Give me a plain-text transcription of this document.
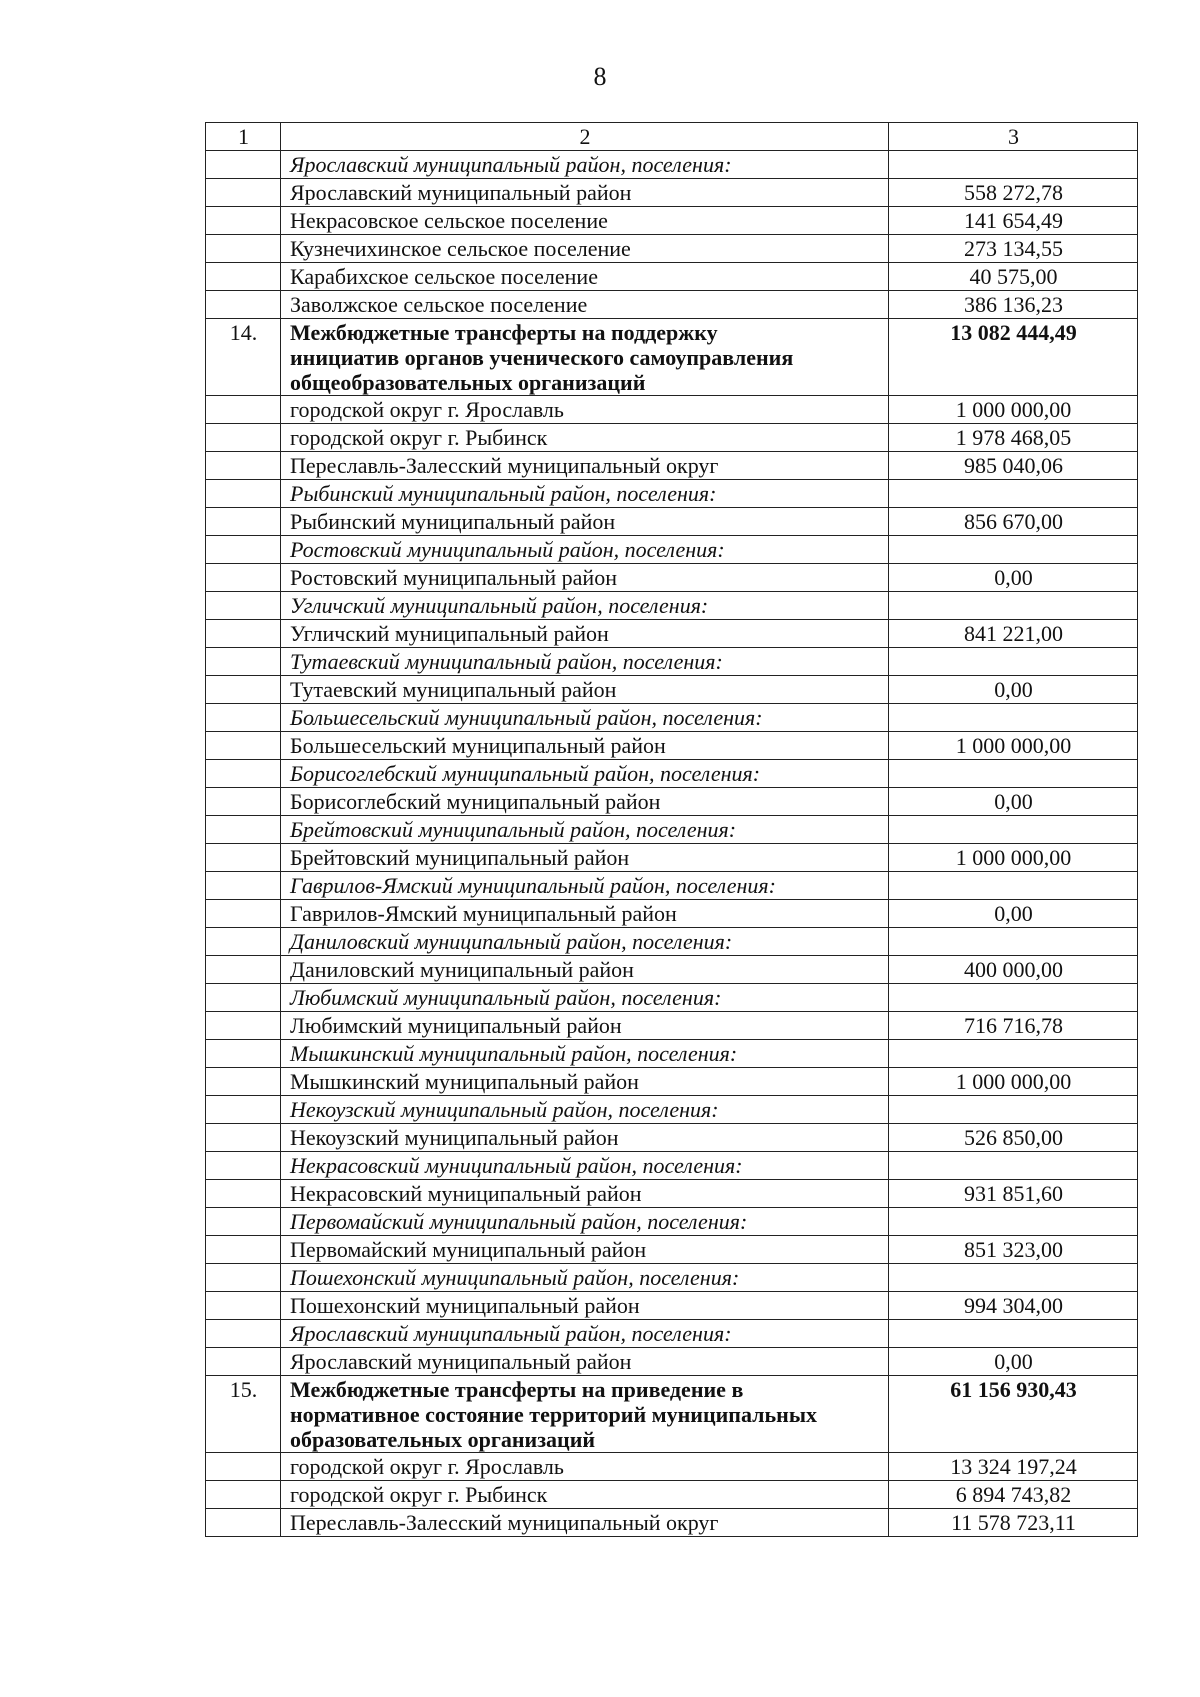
8
1	2	3
	Ярославский муниципальный район, поселения:	
	Ярославский муниципальный район	558 272,78
	Некрасовское сельское поселение	141 654,49
	Кузнечихинское сельское поселение	273 134,55
	Карабихское сельское поселение	40 575,00
	Заволжское сельское поселение	386 136,23
14.	Межбюджетные трансферты на поддержку
инициатив органов ученического самоуправления
общеобразовательных организаций	13 082 444,49
	городской округ г. Ярославль	1 000 000,00
	городской округ г. Рыбинск	1 978 468,05
	Переславль-Залесский муниципальный округ	985 040,06
	Рыбинский муниципальный район, поселения:	
	Рыбинский муниципальный район	856 670,00
	Ростовский муниципальный район, поселения:	
	Ростовский муниципальный район	0,00
	Угличский муниципальный район, поселения:	
	Угличский муниципальный район	841 221,00
	Тутаевский муниципальный район, поселения:	
	Тутаевский муниципальный район	0,00
	Большесельский муниципальный район, поселения:	
	Большесельский муниципальный район	1 000 000,00
	Борисоглебский муниципальный район, поселения:	
	Борисоглебский муниципальный район	0,00
	Брейтовский муниципальный район, поселения:	
	Брейтовский муниципальный район	1 000 000,00
	Гаврилов-Ямский муниципальный район, поселения:	
	Гаврилов-Ямский муниципальный район	0,00
	Даниловский муниципальный район, поселения:	
	Даниловский муниципальный район	400 000,00
	Любимский муниципальный район, поселения:	
	Любимский муниципальный район	716 716,78
	Мышкинский муниципальный район, поселения:	
	Мышкинский муниципальный район	1 000 000,00
	Некоузский муниципальный район, поселения:	
	Некоузский муниципальный район	526 850,00
	Некрасовский муниципальный район, поселения:	
	Некрасовский муниципальный район	931 851,60
	Первомайский муниципальный район, поселения:	
	Первомайский муниципальный район	851 323,00
	Пошехонский муниципальный район, поселения:	
	Пошехонский муниципальный район	994 304,00
	Ярославский муниципальный район, поселения:	
	Ярославский муниципальный район	0,00
15.	Межбюджетные трансферты на приведение в
нормативное состояние территорий муниципальных
образовательных организаций	61 156 930,43
	городской округ г. Ярославль	13 324 197,24
	городской округ г. Рыбинск	6 894 743,82
	Переславль-Залесский муниципальный округ	11 578 723,11
